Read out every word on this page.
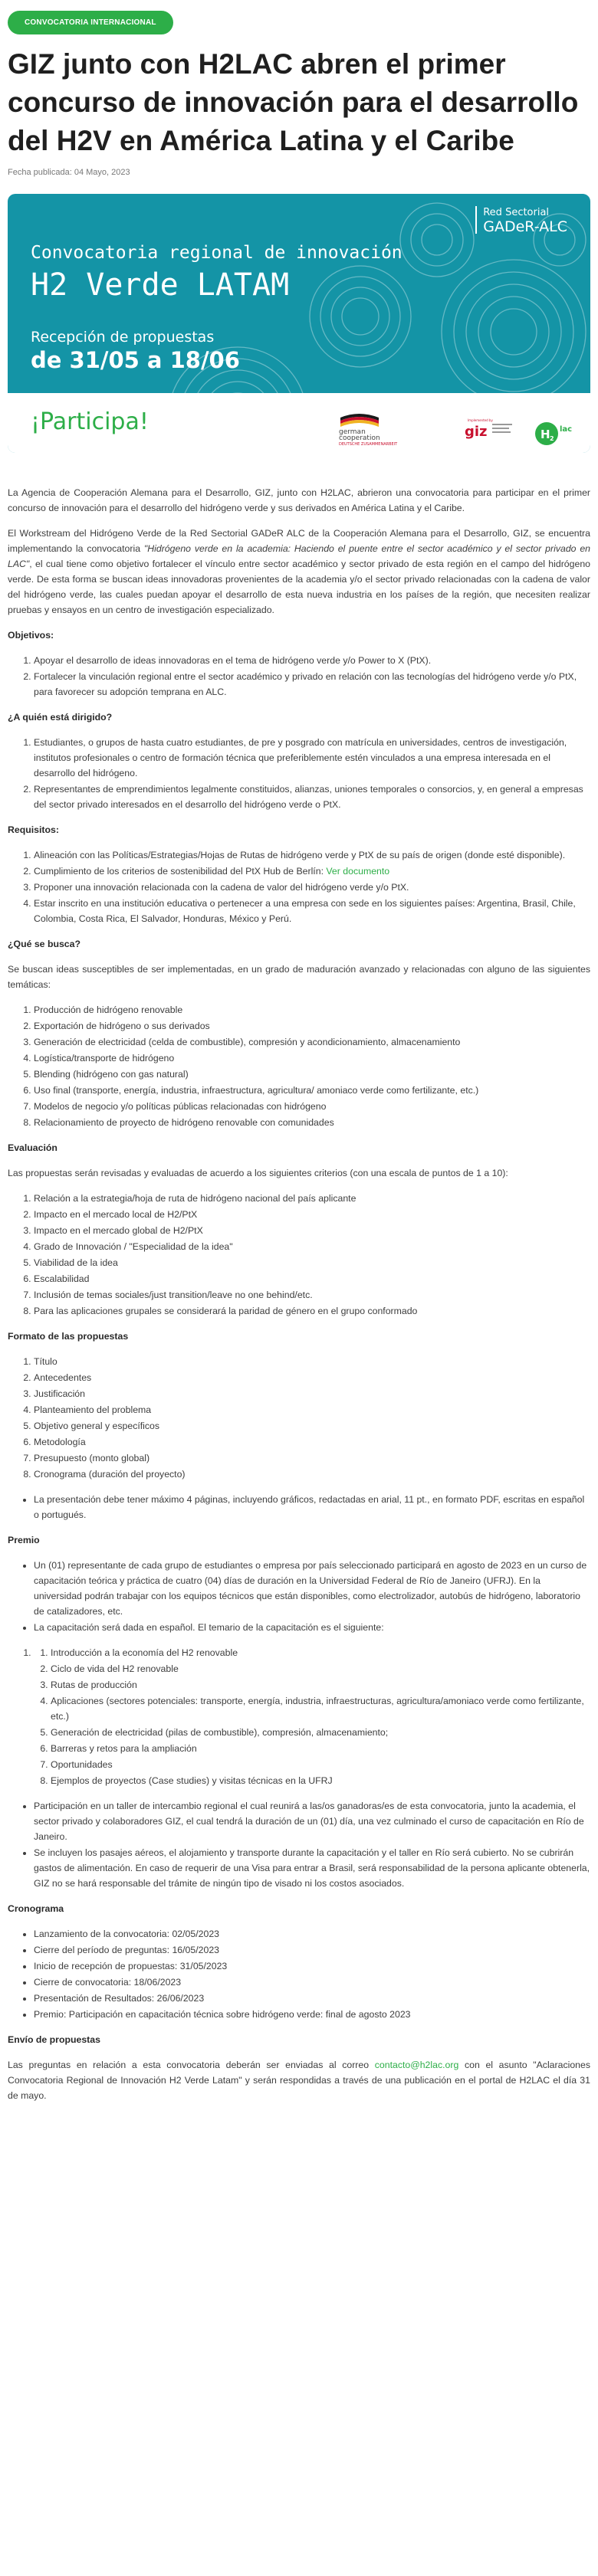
CONVOCATORIA INTERNACIONAL
GIZ junto con H2LAC abren el primer concurso de innovación para el desarrollo del H2V en América Latina y el Caribe
Fecha publicada: 04 Mayo, 2023
Red Sectorial
GADeR-ALC
Convocatoria regional de innovación
H2 Verde LATAM
Recepción de propuestas
de 31/05 a 18/06
¡Participa!	german
cooperation
DEUTSCHE ZUSAMMENARBEIT
Implemented by
giz	H 2
lac

La Agencia de Cooperación Alemana para el Desarrollo, GIZ, junto con H2LAC, abrieron una convocatoria para participar en el primer concurso de innovación para el desarrollo del hidrógeno verde y sus derivados en América Latina y el Caribe.

El Workstream del Hidrógeno Verde de la Red Sectorial GADeR ALC de la Cooperación Alemana para el Desarrollo, GIZ, se encuentra implementando la convocatoria "Hidrógeno verde en la academia: Haciendo el puente entre el sector académico y el sector privado en LAC", el cual tiene como objetivo fortalecer el vínculo entre sector académico y sector privado de esta región en el campo del hidrógeno verde. De esta forma se buscan ideas innovadoras provenientes de la academia y/o el sector privado relacionadas con la cadena de valor del hidrógeno verde, las cuales puedan apoyar el desarrollo de esta nueva industria en los países de la región, que necesiten realizar pruebas y ensayos en un centro de investigación especializado.

Objetivos:
1. Apoyar el desarrollo de ideas innovadoras en el tema de hidrógeno verde y/o Power to X (PtX).
2. Fortalecer la vinculación regional entre el sector académico y privado en relación con las tecnologías del hidrógeno verde y/o PtX, para favorecer su adopción temprana en ALC.
¿A quién está dirigido?
1. Estudiantes, o grupos de hasta cuatro estudiantes, de pre y posgrado con matrícula en universidades, centros de investigación, institutos profesionales o centro de formación técnica que preferiblemente estén vinculados a una empresa interesada en el desarrollo del hidrógeno.
2. Representantes de emprendimientos legalmente constituidos, alianzas, uniones temporales o consorcios, y, en general a empresas del sector privado interesados en el desarrollo del hidrógeno verde o PtX.
Requisitos:
1. Alineación con las Políticas/Estrategias/Hojas de Rutas de hidrógeno verde y PtX de su país de origen (donde esté disponible).
2. Cumplimiento de los criterios de sostenibilidad del PtX Hub de Berlín: Ver documento
3. Proponer una innovación relacionada con la cadena de valor del hidrógeno verde y/o PtX.
4. Estar inscrito en una institución educativa o pertenecer a una empresa con sede en los siguientes países: Argentina, Brasil, Chile, Colombia, Costa Rica, El Salvador, Honduras, México y Perú.
¿Qué se busca?

Se buscan ideas susceptibles de ser implementadas, en un grado de maduración avanzado y relacionadas con alguno de las siguientes temáticas:

1. Producción de hidrógeno renovable
2. Exportación de hidrógeno o sus derivados
3. Generación de electricidad (celda de combustible), compresión y acondicionamiento, almacenamiento
4. Logística/transporte de hidrógeno
5. Blending (hidrógeno con gas natural)
6. Uso final (transporte, energía, industria, infraestructura, agricultura/ amoniaco verde como fertilizante, etc.)
7. Modelos de negocio y/o políticas públicas relacionadas con hidrógeno
8. Relacionamiento de proyecto de hidrógeno renovable con comunidades
Evaluación

Las propuestas serán revisadas y evaluadas de acuerdo a los siguientes criterios (con una escala de puntos de 1 a 10):

1. Relación a la estrategia/hoja de ruta de hidrógeno nacional del país aplicante
2. Impacto en el mercado local de H2/PtX
3. Impacto en el mercado global de H2/PtX
4. Grado de Innovación / "Especialidad de la idea"
5. Viabilidad de la idea
6. Escalabilidad
7. Inclusión de temas sociales/just transition/leave no one behind/etc.
8. Para las aplicaciones grupales se considerará la paridad de género en el grupo conformado
Formato de las propuestas
1. Título
2. Antecedentes
3. Justificación
4. Planteamiento del problema
5. Objetivo general y específicos
6. Metodología
7. Presupuesto (monto global)
8. Cronograma (duración del proyecto)
• La presentación debe tener máximo 4 páginas, incluyendo gráficos, redactadas en arial, 11 pt., en formato PDF, escritas en español o portugués.
Premio
• Un (01) representante de cada grupo de estudiantes o empresa por país seleccionado participará en agosto de 2023 en un curso de capacitación teórica y práctica de cuatro (04) días de duración en la Universidad Federal de Río de Janeiro (UFRJ). En la universidad podrán trabajar con los equipos técnicos que están disponibles, como electrolizador, autobús de hidrógeno, laboratorio de catalizadores, etc.
• La capacitación será dada en español. El temario de la capacitación es el siguiente:
1. 1. Introducción a la economía del H2 renovable
2. Ciclo de vida del H2 renovable
3. Rutas de producción
4. Aplicaciones (sectores potenciales: transporte, energía, industria, infraestructuras, agricultura/amoniaco verde como fertilizante, etc.)
5. Generación de electricidad (pilas de combustible), compresión, almacenamiento;
6. Barreras y retos para la ampliación
7. Oportunidades
8. Ejemplos de proyectos (Case studies) y visitas técnicas en la UFRJ
• Participación en un taller de intercambio regional el cual reunirá a las/os ganadoras/es de esta convocatoria, junto la academia, el sector privado y colaboradores GIZ, el cual tendrá la duración de un (01) día, una vez culminado el curso de capacitación en Río de Janeiro.
• Se incluyen los pasajes aéreos, el alojamiento y transporte durante la capacitación y el taller en Río será cubierto. No se cubrirán gastos de alimentación. En caso de requerir de una Visa para entrar a Brasil, será responsabilidad de la persona aplicante obtenerla, GIZ no se hará responsable del trámite de ningún tipo de visado ni los costos asociados.
Cronograma
• Lanzamiento de la convocatoria: 02/05/2023
• Cierre del período de preguntas: 16/05/2023
• Inicio de recepción de propuestas: 31/05/2023
• Cierre de convocatoria: 18/06/2023
• Presentación de Resultados: 26/06/2023
• Premio: Participación en capacitación técnica sobre hidrógeno verde: final de agosto 2023
Envío de propuestas

Las preguntas en relación a esta convocatoria deberán ser enviadas al correo contacto@h2lac.org con el asunto "Aclaraciones Convocatoria Regional de Innovación H2 Verde Latam" y serán respondidas a través de una publicación en el portal de H2LAC el día 31 de mayo.
